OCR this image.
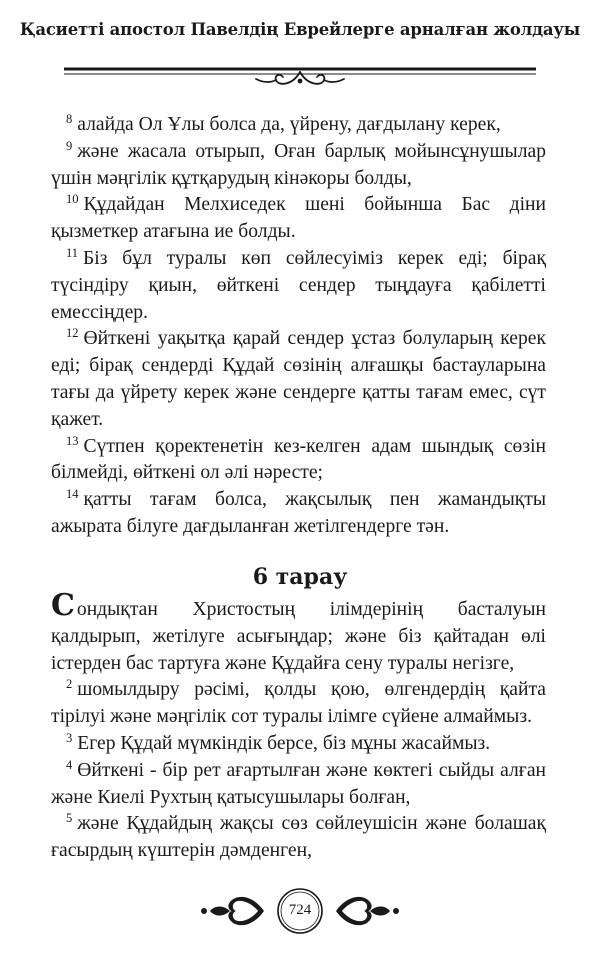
Қасиетті апостол Павелдің Еврейлерге арналған жолдауы

$^8$ алайда Ол Ұлы болса да, үйрену, дағдылану керек,

$^9$ және жасала отырып, Оған барлық мойынсұнушылар үшін мәңгілік құтқарудың кінәкоры болды,

$^{10}$ Құдайдан Мелхиседек шені бойынша Бас діни қызметкер атағына ие болды.

$^{11}$ Біз бұл туралы көп сөйлесуіміз керек еді; бірақ түсіндіру қиын, өйткені сендер тыңдауға қабілетті емессіңдер.

$^{12}$ Өйткені уақытқа қарай сендер ұстаз болуларың керек еді; бірақ сендерді Құдай сөзінің алғашқы бастауларына тағы да үйрету керек және сендерге қатты тағам емес, сүт қажет.

$^{13}$ Сүтпен қоректенетін кез-келген адам шындық сөзін білмейді, өйткені ол әлі нәресте;

$^{14}$ қатты тағам болса, жақсылық пен жамандықты ажырата білуге дағдыланған жетілгендерге тән.

6 тарау

Сондықтан Христостың ілімдерінің басталуын қалдырып, жетілуге асығыңдар; және біз қайтадан өлі істерден бас тартуға және Құдайға сену туралы негізге,

$^2$ шомылдыру рәсімі, қолды қою, өлгендердің қайта тірілуі және мәңгілік сот туралы ілімге сүйене алмаймыз.

$^3$ Егер Құдай мүмкіндік берсе, біз мұны жасаймыз.

$^4$ Өйткені - бір рет ағартылған және көктегі сыйды алған және Киелі Рухтың қатысушылары болған,

$^5$ және Құдайдың жақсы сөз сөйлеушісін және болашақ ғасырдың күштерін дәмденген,

724
